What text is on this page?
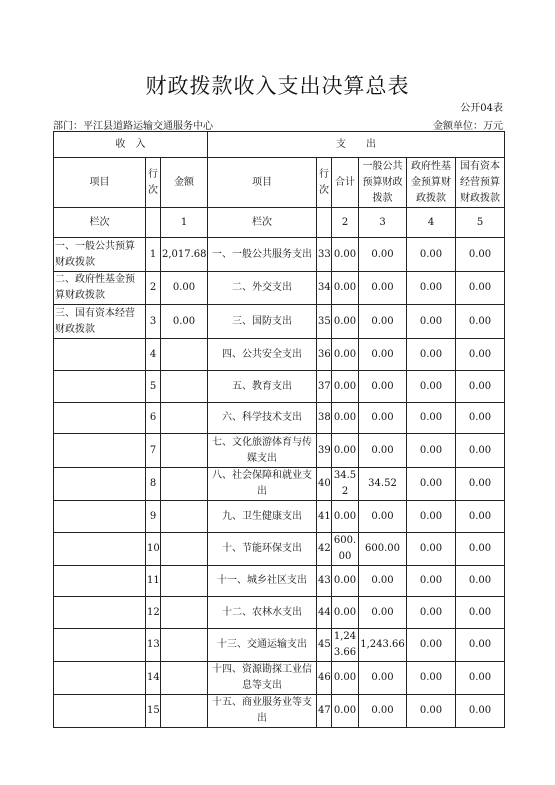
财政拨款收入支出决算总表
公开04表
部门：平江县道路运输交通服务中心	金额单位：万元
收　入			支　　出					
项目	行次	金额	项目	行次	合计	一般公共预算财政拨款	政府性基金预算财政拨款	国有资本经营预算财政拨款
栏次		1	栏次		2	3	4	5
一、一般公共预算财政拨款	1	2,017.68	一、一般公共服务支出	33	0.00	0.00	0.00	0.00
二、政府性基金预算财政拨款	2	0.00	二、外交支出	34	0.00	0.00	0.00	0.00
三、国有资本经营财政拨款	3	0.00	三、国防支出	35	0.00	0.00	0.00	0.00
	4		四、公共安全支出	36	0.00	0.00	0.00	0.00
	5		五、教育支出	37	0.00	0.00	0.00	0.00
	6		六、科学技术支出	38	0.00	0.00	0.00	0.00
	7		七、文化旅游体育与传媒支出	39	0.00	0.00	0.00	0.00
	8		八、社会保障和就业支出	40	34.52	34.52	0.00	0.00
	9		九、卫生健康支出	41	0.00	0.00	0.00	0.00
	10		十、节能环保支出	42	600.00	600.00	0.00	0.00
	11		十一、城乡社区支出	43	0.00	0.00	0.00	0.00
	12		十二、农林水支出	44	0.00	0.00	0.00	0.00
	13		十三、交通运输支出	45	1,243.66	1,243.66	0.00	0.00
	14		十四、资源勘探工业信息等支出	46	0.00	0.00	0.00	0.00
	15		十五、商业服务业等支出	47	0.00	0.00	0.00	0.00
